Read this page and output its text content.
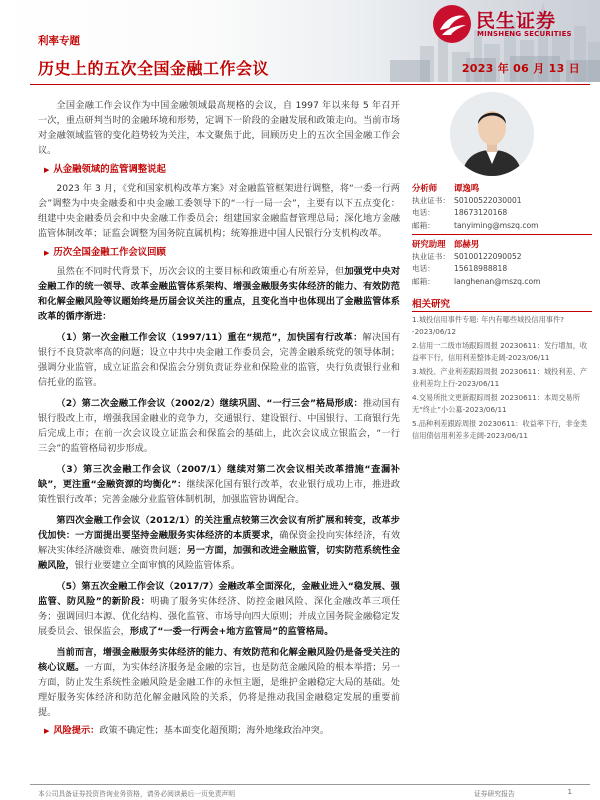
民生证券
MINSHENG SECURITIES
利率专题
历史上的五次全国金融工作会议	2023 年 06 月 13 日

全国金融工作会议作为中国金融领域最高规格的会议，自 1997 年以来每 5 年召开一次，重点研判当时的金融环境和形势，定调下一阶段的金融发展和政策走向。当前市场对金融领域监管的变化趋势较为关注，本文聚焦于此，回顾历史上的五次全国金融工作会议。

▶ 从金融领域的监管调整说起

2023 年 3 月，《党和国家机构改革方案》对金融监管框架进行调整，将“一委一行两会”调整为中央金融委和中央金融工委领导下的“一行一局一会”，主要有以下五点变化：组建中央金融委员会和中央金融工作委员会；组建国家金融监督管理总局；深化地方金融监管体制改革；证监会调整为国务院直属机构；统筹推进中国人民银行分支机构改革。

▶ 历次全国金融工作会议回顾

虽然在不同时代背景下，历次会议的主要目标和政策重心有所差异，但加强党中央对金融工作的统一领导、改革金融监管体系架构、增强金融服务实体经济的能力、有效防范和化解金融风险等议题始终是历届会议关注的重点，且变化当中也体现出了金融监管体系改革的循序渐进：

（1）第一次金融工作会议（1997/11）重在“规范”，加快国有行改革：解决国有银行不良贷款率高的问题；设立中共中央金融工作委员会，完善金融系统党的领导体制；强调分业监管，成立证监会和保监会分别负责证券业和保险业的监管，央行负责银行业和信托业的监管。

（2）第二次金融工作会议（2002/2）继续巩固、“一行三会”格局形成：推动国有银行股改上市，增强我国金融业的竞争力，交通银行、建设银行、中国银行、工商银行先后完成上市；在前一次会议设立证监会和保监会的基础上，此次会议成立银监会，“一行三会”的监管格局初步形成。

（3）第三次金融工作会议（2007/1）继续对第二次会议相关改革措施“查漏补缺”，更注重“金融资源的均衡化”：继续深化国有银行改革，农业银行成功上市，推进政策性银行改革；完善金融分业监管体制机制，加强监管协调配合。

第四次金融工作会议（2012/1）的关注重点较第三次会议有所扩展和转变，改革步伐加快：一方面提出要坚持金融服务实体经济的本质要求，确保资金投向实体经济，有效解决实体经济融资难、融资贵问题；另一方面，加强和改进金融监管，切实防范系统性金融风险，银行业要建立全面审慎的风险监管体系。

（5）第五次金融工作会议（2017/7）金融改革全面深化，金融业进入“稳发展、强监管、防风险”的新阶段：明确了服务实体经济、防控金融风险、深化金融改革三项任务；强调回归本源、优化结构、强化监管、市场导向四大原则；并成立国务院金融稳定发展委员会、银保监会，形成了“一委一行两会+地方监管局”的监管格局。

当前而言，增强金融服务实体经济的能力、有效防范和化解金融风险仍是备受关注的核心议题。一方面，为实体经济服务是金融的宗旨，也是防范金融风险的根本举措；另一方面，防止发生系统性金融风险是金融工作的永恒主题，是维护金融稳定大局的基础。处理好服务实体经济和防范化解金融风险的关系，仍将是推动我国金融稳定发展的重要前提。

▶ 风险提示：政策不确定性；基本面变化超预期；海外地缘政治冲突。
分析师 谭逸鸣
执业证书： S0100522030001
电话：	18673120168
邮箱：	tanyiming@mszq.com
研究助理 郎赫男
执业证书： S0100122090052
电话：	15618988818
邮箱：	langhenan@mszq.com
相关研究
1.城投信用事件专题: 年内有哪些城投信用事件? -2023/06/12
2.信用一二级市场跟踪周报 20230611：发行增加，收益率下行，信用利差整体走阔-2023/06/11
3.城投、产业利差跟踪周报 20230611：城投利差、产业利差均上行-2023/06/11
4.交易所批文更新跟踪周报 20230611：本周交易所无“终止”小公募-2023/06/11
5.品种利差跟踪周报 20230611：收益率下行，非金类信用债信用利差多走阔-2023/06/11
本公司具备证券投资咨询业务资格，请务必阅读最后一页免责声明	证券研究报告	1
